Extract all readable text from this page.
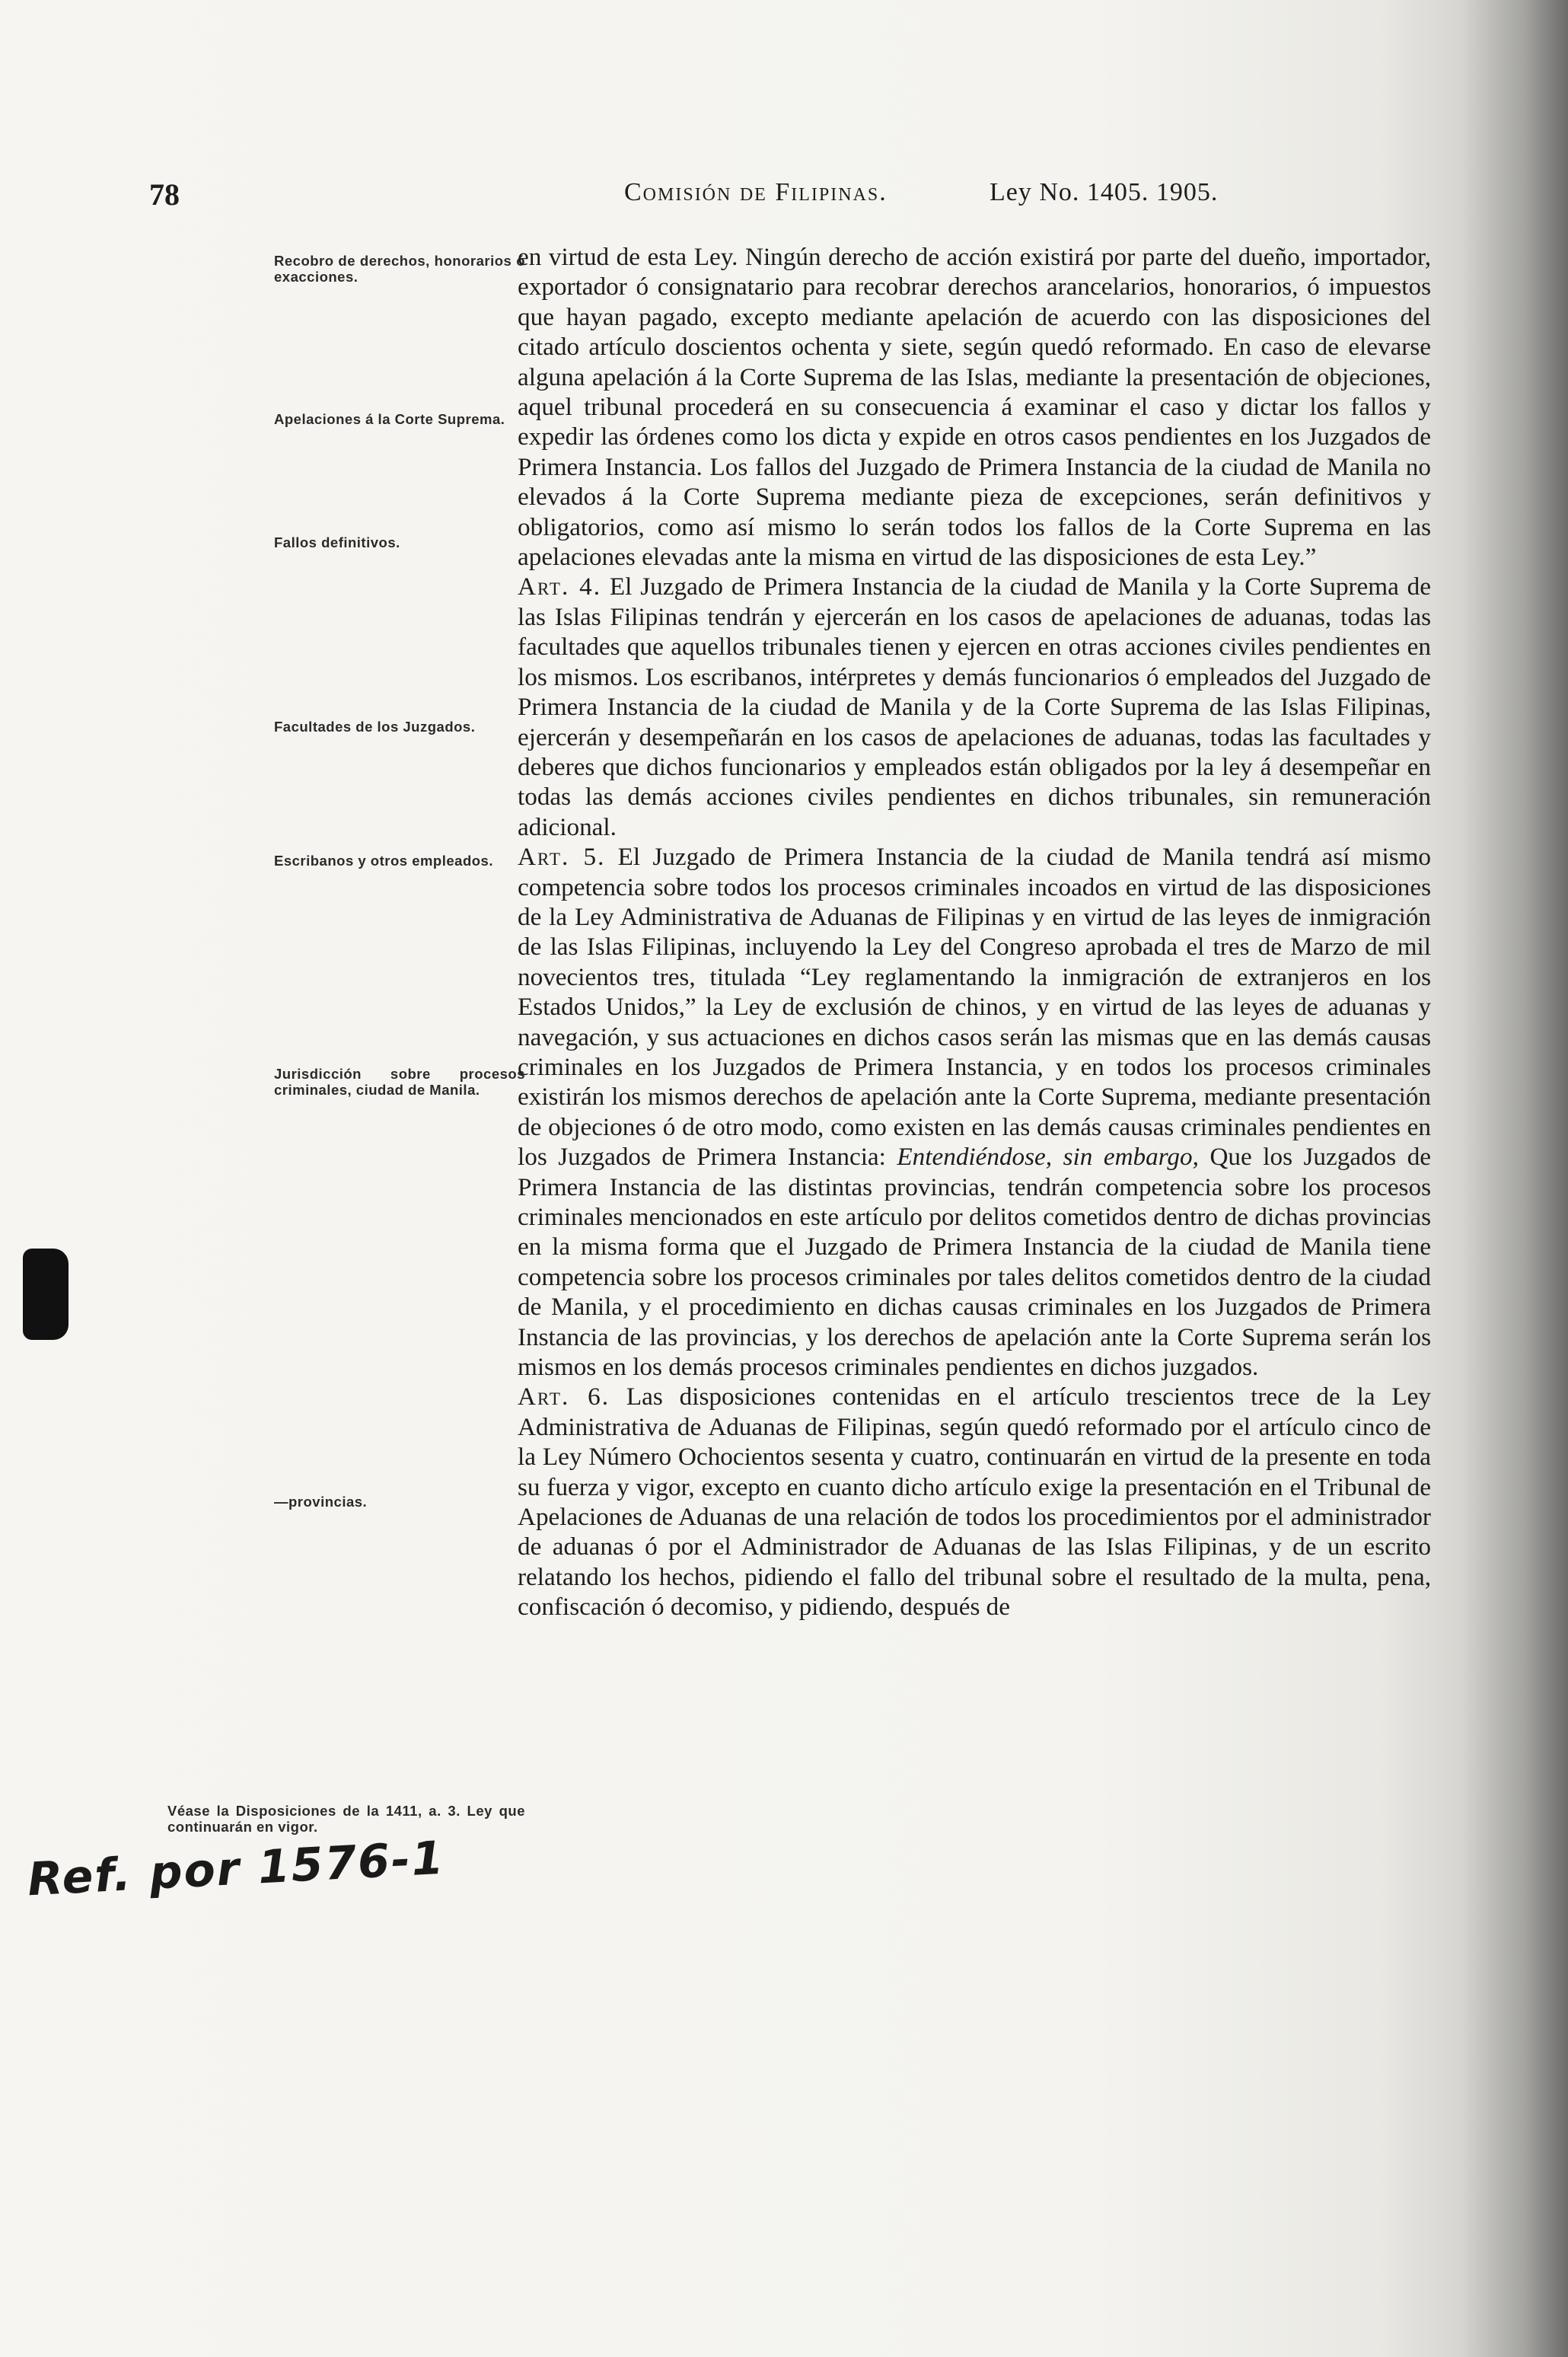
78	Comisión de Filipinas.	Ley No. 1405. 1905.
Recobro de derechos, honorarios ó exacciones.
Apelaciones á la Corte Suprema.
Fallos definitivos.
Facultades de los Juzgados.
Escribanos y otros empleados.
Jurisdicción sobre procesos criminales, ciudad de Manila.
—provincias.
Véase la Disposiciones de la 1411, a. 3. Ley que continuarán en vigor.
en virtud de esta Ley. Ningún derecho de acción existirá por parte del dueño, importador, exportador ó consignatario para recobrar derechos arancelarios, honorarios, ó impuestos que hayan pagado, excepto mediante apelación de acuerdo con las disposiciones del citado artículo doscientos ochenta y siete, según quedó reformado. En caso de elevarse alguna apelación á la Corte Suprema de las Islas, mediante la presentación de objeciones, aquel tribunal procederá en su consecuencia á examinar el caso y dictar los fallos y expedir las órdenes como los dicta y expide en otros casos pendientes en los Juzgados de Primera Instancia. Los fallos del Juzgado de Primera Instancia de la ciudad de Manila no elevados á la Corte Suprema mediante pieza de excepciones, serán definitivos y obligatorios, como así mismo lo serán todos los fallos de la Corte Suprema en las apelaciones elevadas ante la misma en virtud de las disposiciones de esta Ley.”
Art. 4. El Juzgado de Primera Instancia de la ciudad de Manila y la Corte Suprema de las Islas Filipinas tendrán y ejercerán en los casos de apelaciones de aduanas, todas las facultades que aquellos tribunales tienen y ejercen en otras acciones civiles pendientes en los mismos. Los escribanos, intérpretes y demás funcionarios ó empleados del Juzgado de Primera Instancia de la ciudad de Manila y de la Corte Suprema de las Islas Filipinas, ejercerán y desempeñarán en los casos de apelaciones de aduanas, todas las facultades y deberes que dichos funcionarios y empleados están obligados por la ley á desempeñar en todas las demás acciones civiles pendientes en dichos tribunales, sin remuneración adicional.
Art. 5. El Juzgado de Primera Instancia de la ciudad de Manila tendrá así mismo competencia sobre todos los procesos criminales incoados en virtud de las disposiciones de la Ley Administrativa de Aduanas de Filipinas y en virtud de las leyes de inmigración de las Islas Filipinas, incluyendo la Ley del Congreso aprobada el tres de Marzo de mil novecientos tres, titulada “Ley reglamentando la inmigración de extranjeros en los Estados Unidos,” la Ley de exclusión de chinos, y en virtud de las leyes de aduanas y navegación, y sus actuaciones en dichos casos serán las mismas que en las demás causas criminales en los Juzgados de Primera Instancia, y en todos los procesos criminales existirán los mismos derechos de apelación ante la Corte Suprema, mediante presentación de objeciones ó de otro modo, como existen en las demás causas criminales pendientes en los Juzgados de Primera Instancia: Entendiéndose, sin embargo, Que los Juzgados de Primera Instancia de las distintas provincias, tendrán competencia sobre los procesos criminales mencionados en este artículo por delitos cometidos dentro de dichas provincias en la misma forma que el Juzgado de Primera Instancia de la ciudad de Manila tiene competencia sobre los procesos criminales por tales delitos cometidos dentro de la ciudad de Manila, y el procedimiento en dichas causas criminales en los Juzgados de Primera Instancia de las provincias, y los derechos de apelación ante la Corte Suprema serán los mismos en los demás procesos criminales pendientes en dichos juzgados.
Art. 6. Las disposiciones contenidas en el artículo trescientos trece de la Ley Administrativa de Aduanas de Filipinas, según quedó reformado por el artículo cinco de la Ley Número Ochocientos sesenta y cuatro, continuarán en virtud de la presente en toda su fuerza y vigor, excepto en cuanto dicho artículo exige la presentación en el Tribunal de Apelaciones de Aduanas de una relación de todos los procedimientos por el administrador de aduanas ó por el Administrador de Aduanas de las Islas Filipinas, y de un escrito relatando los hechos, pidiendo el fallo del tribunal sobre el resultado de la multa, pena, confiscación ó decomiso, y pidiendo, después de
Ref. por 1576-1
